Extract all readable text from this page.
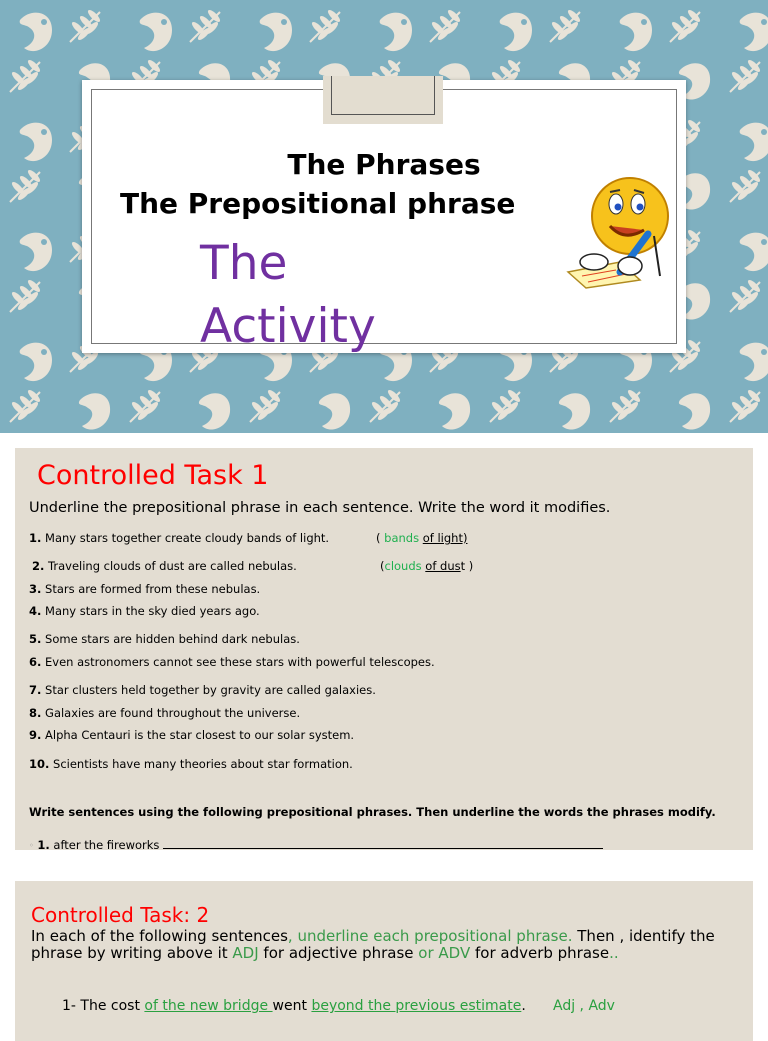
The Phrases
The Prepositional phrase
The Activity
Controlled Task 1
Underline the prepositional phrase in each sentence. Write the word it modifies.
1. Many stars together create cloudy bands of light.
2. Traveling clouds of dust are called nebulas.
3. Stars are formed from these nebulas.
4. Many stars in the sky died years ago.
5. Some stars are hidden behind dark nebulas.
6. Even astronomers cannot see these stars with powerful telescopes.
7. Star clusters held together by gravity are called galaxies.
8. Galaxies are found throughout the universe.
9. Alpha Centauri is the star closest to our solar system.
10. Scientists have many theories about star formation.
( bands of light)
(clouds of dust )
Write sentences using the following prepositional phrases. Then underline the words the phrases modify.
◦ 1. after the fireworks
Controlled Task: 2
In each of the following sentences, underline each prepositional phrase. Then , identify the phrase by writing above it ADJ for adjective phrase or ADV for adverb phrase..
1- The cost of the new bridge went beyond the previous estimate. Adj , Adv
